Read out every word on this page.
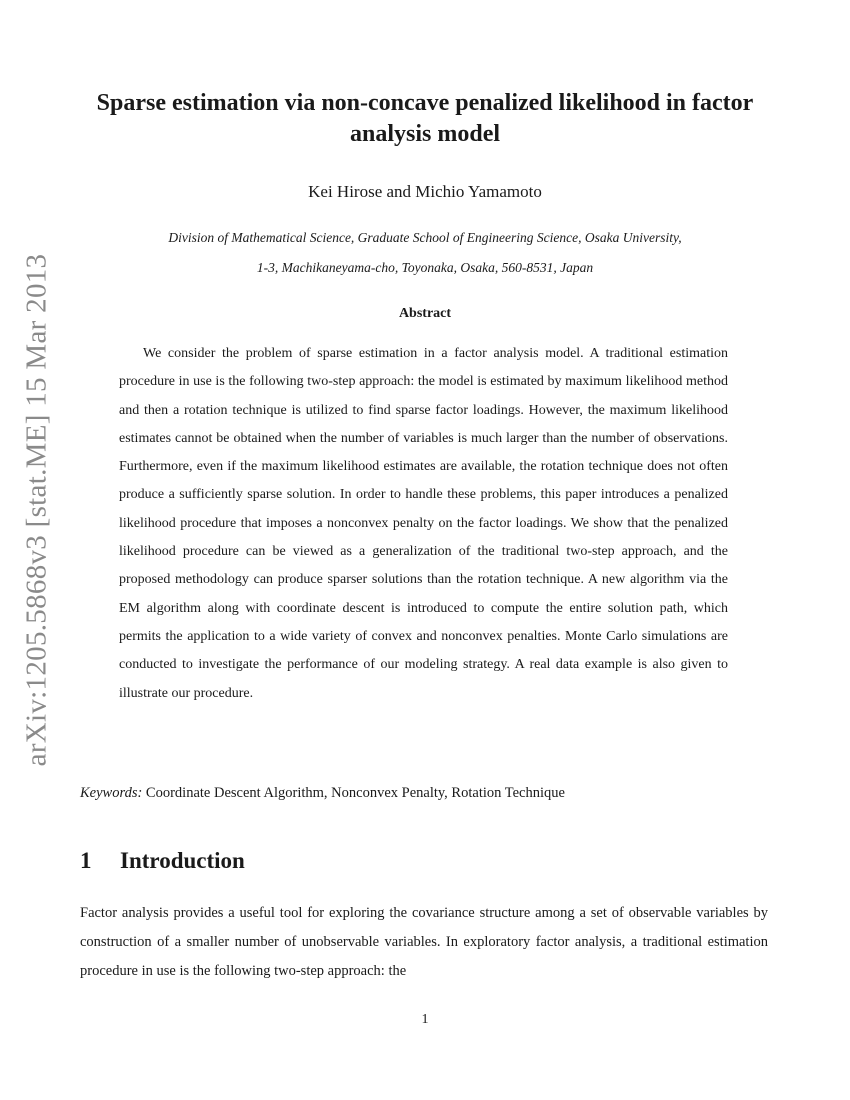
arXiv:1205.5868v3 [stat.ME] 15 Mar 2013
Sparse estimation via non-concave penalized likelihood in factor analysis model
Kei Hirose and Michio Yamamoto
Division of Mathematical Science, Graduate School of Engineering Science, Osaka University,
1-3, Machikaneyama-cho, Toyonaka, Osaka, 560-8531, Japan
Abstract

We consider the problem of sparse estimation in a factor analysis model. A traditional estimation procedure in use is the following two-step approach: the model is estimated by maximum likelihood method and then a rotation technique is utilized to find sparse factor loadings. However, the maximum likelihood estimates cannot be obtained when the number of variables is much larger than the number of observations. Furthermore, even if the maximum likelihood estimates are available, the rotation technique does not often produce a sufficiently sparse solution. In order to handle these problems, this paper introduces a penalized likelihood procedure that imposes a nonconvex penalty on the factor loadings. We show that the penalized likelihood procedure can be viewed as a generalization of the traditional two-step approach, and the proposed methodology can produce sparser solutions than the rotation technique. A new algorithm via the EM algorithm along with coordinate descent is introduced to compute the entire solution path, which permits the application to a wide variety of convex and nonconvex penalties. Monte Carlo simulations are conducted to investigate the performance of our modeling strategy. A real data example is also given to illustrate our procedure.

Keywords: Coordinate Descent Algorithm, Nonconvex Penalty, Rotation Technique
1 Introduction

Factor analysis provides a useful tool for exploring the covariance structure among a set of observable variables by construction of a smaller number of unobservable variables. In exploratory factor analysis, a traditional estimation procedure in use is the following two-step approach: the

1
